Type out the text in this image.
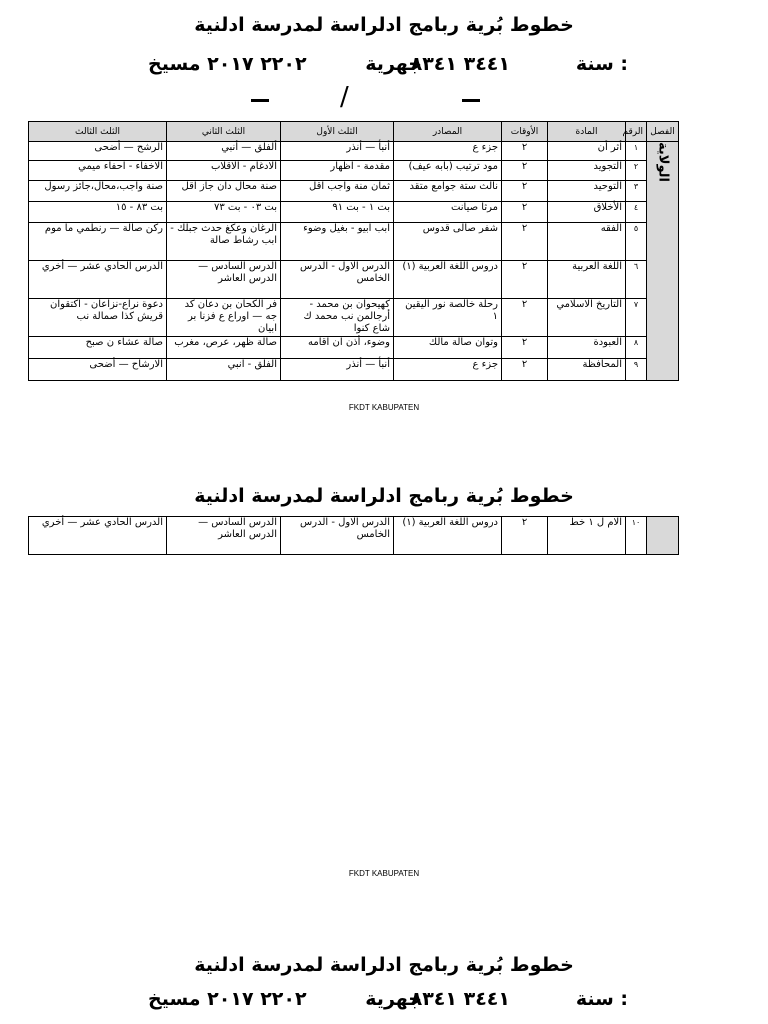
خطوط بُرية ربامج ادلراسة لمدرسة ادلنية
سنة :
٣٤٤١ ٨٣٤١
جهرية
٢٢٠٢ ٢٠١٧ مسيخ
/
الفصل	الرقم	المادة	الأوقات	المصادر	الثلث الأول	الثلث الثاني	الثلث الثالث
الولاية	١	أثر أن	٢	جزء ع	أنبأ — أنذر	ألفلق — أنبي	الرشح — أضحى
	٢	التجويد	٢	مود ترتيب (بابه عيف)	مقدمة - اظهار	الادغام - الاقلاب	الاخفاء - احفاء ميمي
	٣	التوحيد	٢	نالث ستة جوامع متقد	ثمان منة واجب اقل	صنة محال دان جاز اقل	صنة واجب،محال،جائز رسول
	٤	الأخلاق	٢	مرثا صيانت	بت ١ - بت ٩١	بت ٠٣ - بت ٧٣	بت ٨٣ - ١٥
	٥	الفقه	٢	شفر صالى قدوس	ابب ابيو - بغيل وضوء	الرغان وعكغ حدث جبلك - ابب رشاط صالة	ركن صالة — رنطمي ما موم
	٦	اللغة العربية	٢	دروس اللغة العربية (١)	الدرس الاول - الدرس الخامس	الدرس السادس — الدرس العاشر	الدرس الحادي عشر — أخري
	٧	التاريخ الاسلامي	٢	رحلة خالصة نور اليقين ١	كهيحوان بن محمد - أرجالمن نب محمد ك شاع كنوا	فر الكحان بن دعان كد جه — اوراع ع فزنا بر ابيان	دعوة نراع-نزاعان - اكتقوان قريش كذا صمالة نب
	٨	العبودة	٢	وتوان صالة مالك	وضوء، أذن ان اقامه	صالة ظهر، عرص، مغرب	صالة عشاء ن صبح
	٩	المحافظة	٢	جزء ع	أنبأ — أنذر	الفلق - انبي	الارشاح — أضحى
FKDT KABUPATEN
خطوط بُرية ربامج ادلراسة لمدرسة ادلنية
	١٠	الام ل ١ خط	٢	دروس اللغة العربية (١)	الدرس الاول - الدرس الخامس	الدرس السادس — الدرس العاشر	الدرس الحادي عشر — أخري
FKDT KABUPATEN
خطوط بُرية ربامج ادلراسة لمدرسة ادلنية
سنة :
٣٤٤١ ٨٣٤١
جهرية
٢٢٠٢ ٢٠١٧ مسيخ
